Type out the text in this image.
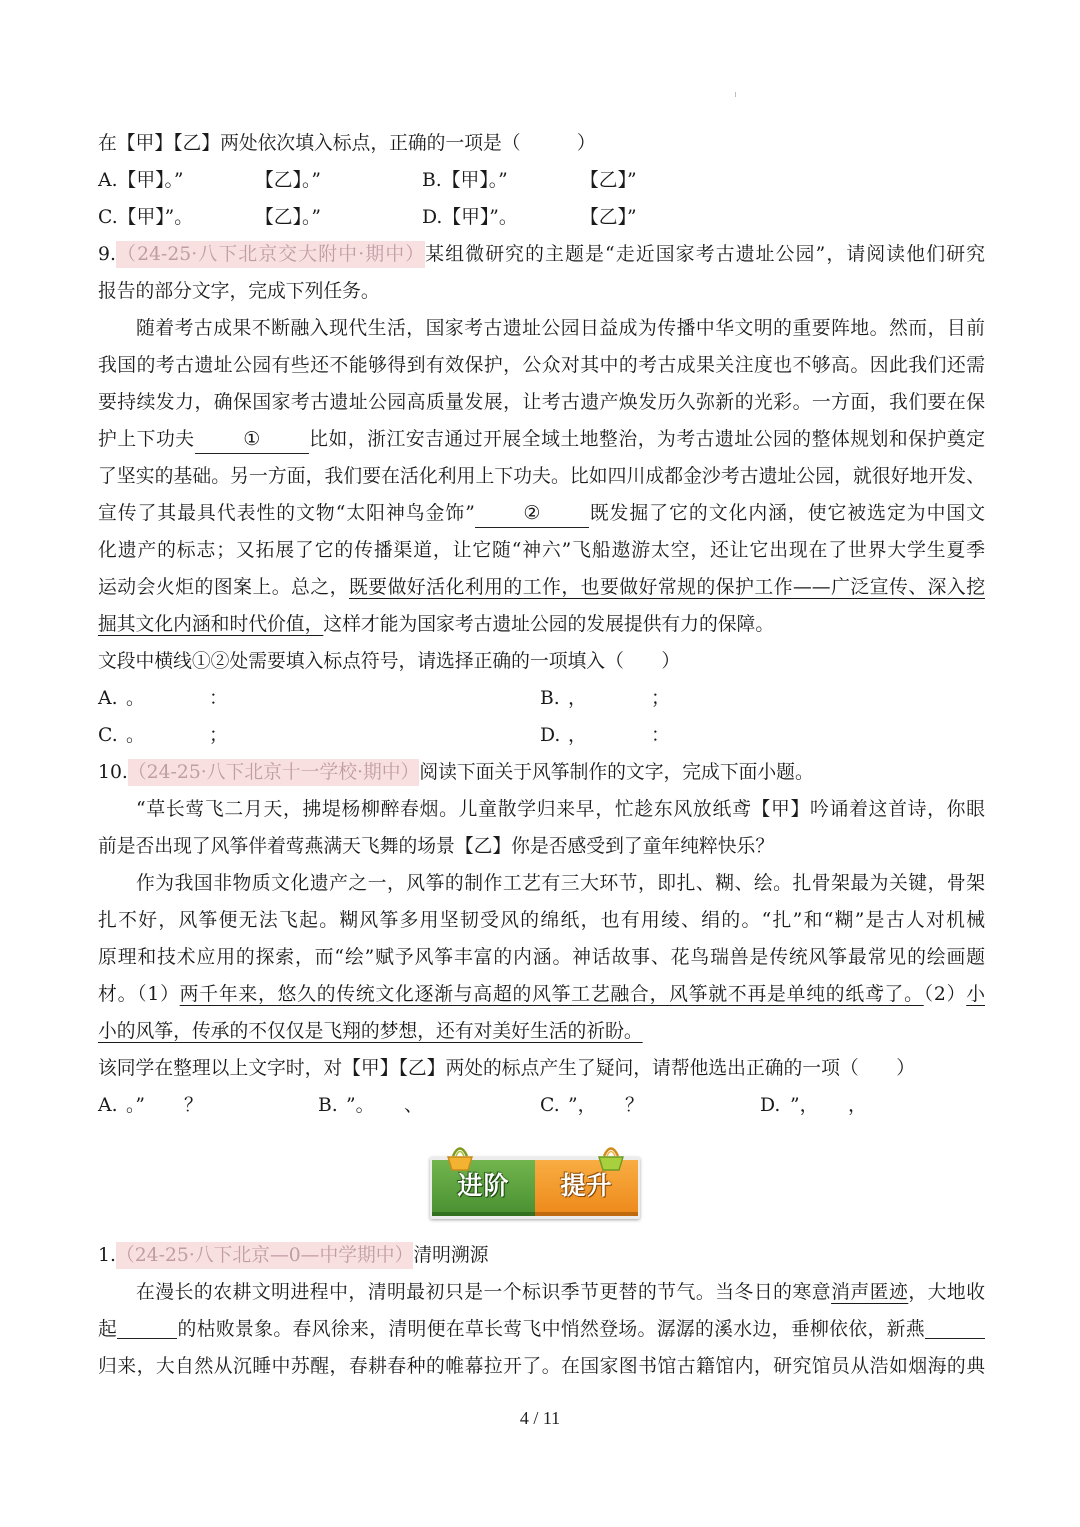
在【甲】【乙】两处依次填入标点，正确的一项是（　　　）
A.【甲】。”	【乙】。”	B.【甲】。”	【乙】”
C.【甲】”。	【乙】。”	D.【甲】”。	【乙】”
9.（24-25·八下北京交大附中·期中）某组微研究的主题是“走近国家考古遗址公园”，请阅读他们研究
报告的部分文字，完成下列任务。
随着考古成果不断融入现代生活，国家考古遗址公园日益成为传播中华文明的重要阵地。然而，目前
我国的考古遗址公园有些还不能够得到有效保护，公众对其中的考古成果关注度也不够高。因此我们还需
要持续发力，确保国家考古遗址公园高质量发展，让考古遗产焕发历久弥新的光彩。一方面，我们要在保
护上下功夫	①	比如，浙江安吉通过开展全域土地整治，为考古遗址公园的整体规划和保护奠定
了坚实的基础。另一方面，我们要在活化利用上下功夫。比如四川成都金沙考古遗址公园，就很好地开发、
宣传了其最具代表性的文物“太阳神鸟金饰”	②	既发掘了它的文化内涵，使它被选定为中国文
化遗产的标志；又拓展了它的传播渠道，让它随“神六”飞船遨游太空，还让它出现在了世界大学生夏季
运动会火炬的图案上。总之，既要做好活化利用的工作，也要做好常规的保护工作——广泛宣传、深入挖
掘其文化内涵和时代价值，这样才能为国家考古遗址公园的发展提供有力的保障。
文段中横线①②处需要填入标点符号，请选择正确的一项填入（　　）
A. 。	：	B. ，	；
C. 。	；	D. ，	：
10.（24-25·八下北京十一学校·期中）阅读下面关于风筝制作的文字，完成下面小题。
“草长莺飞二月天，拂堤杨柳醉春烟。儿童散学归来早，忙趁东风放纸鸢【甲】吟诵着这首诗，你眼
前是否出现了风筝伴着莺燕满天飞舞的场景【乙】你是否感受到了童年纯粹快乐？
作为我国非物质文化遗产之一，风筝的制作工艺有三大环节，即扎、糊、绘。扎骨架最为关键，骨架
扎不好，风筝便无法飞起。糊风筝多用坚韧受风的绵纸，也有用绫、绢的。“扎”和“糊”是古人对机械
原理和技术应用的探索，而“绘”赋予风筝丰富的内涵。神话故事、花鸟瑞兽是传统风筝最常见的绘画题
材。（1）两千年来，悠久的传统文化逐渐与高超的风筝工艺融合，风筝就不再是单纯的纸鸢了。（2）小
小的风筝，传承的不仅仅是飞翔的梦想，还有对美好生活的祈盼。
该同学在整理以上文字时，对【甲】【乙】两处的标点产生了疑问，请帮他选出正确的一项（　　）
A. 。” ？	B. ”。 、	C. ”， ？	D. ”， ，
进阶	提升
1.（24-25·八下北京—0—中学期中）清明溯源
在漫长的农耕文明进程中，清明最初只是一个标识季节更替的节气。当冬日的寒意消声匿迹，大地收
起	的枯败景象。春风徐来，清明便在草长莺飞中悄然登场。潺潺的溪水边，垂柳依依，新燕
归来，大自然从沉睡中苏醒，春耕春种的帷幕拉开了。在国家图书馆古籍馆内，研究馆员从浩如烟海的典
4 / 11
